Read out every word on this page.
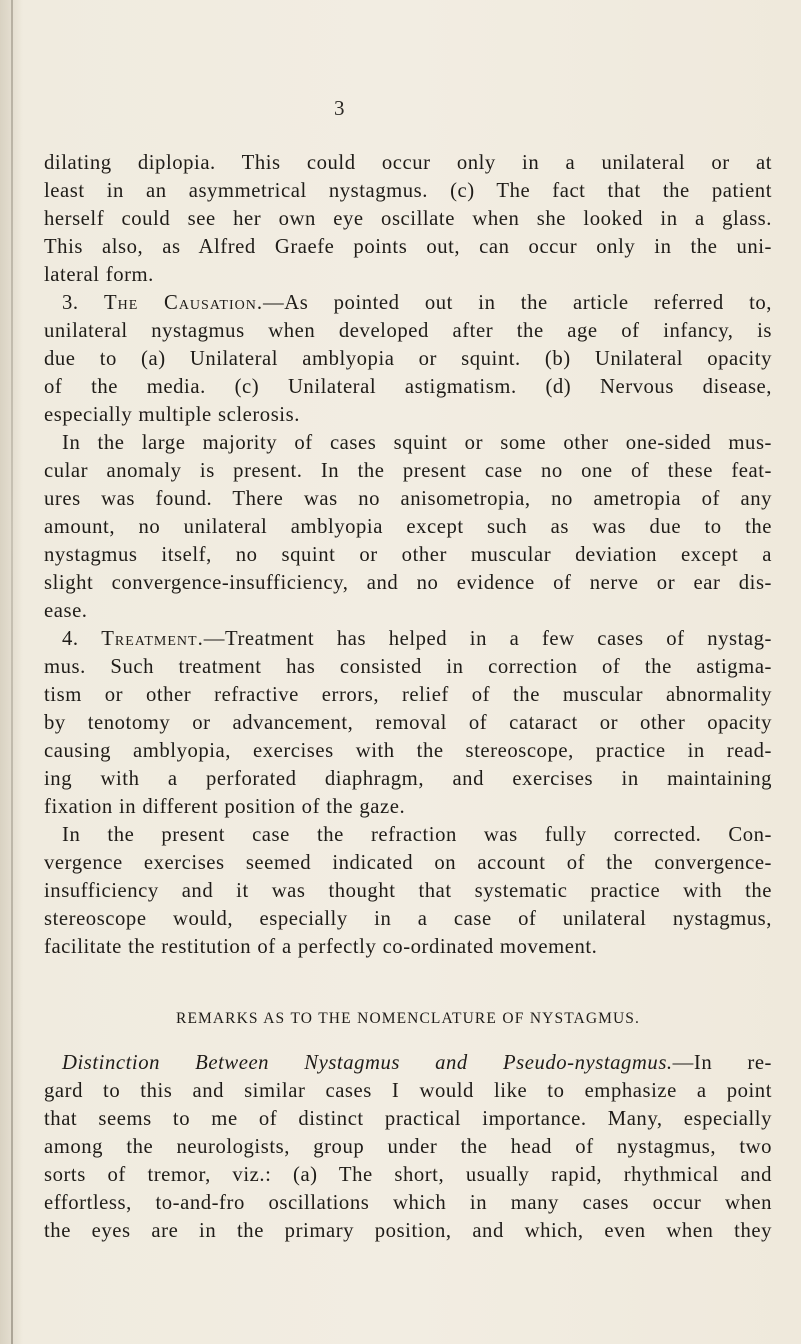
3
dilating diplopia. This could occur only in a unilateral or at
least in an asymmetrical nystagmus. (c) The fact that the patient
herself could see her own eye oscillate when she looked in a glass.
This also, as Alfred Graefe points out, can occur only in the uni-
lateral form.
3. The Causation.—As pointed out in the article referred to,
unilateral nystagmus when developed after the age of infancy, is
due to (a) Unilateral amblyopia or squint. (b) Unilateral opacity
of the media. (c) Unilateral astigmatism. (d) Nervous disease,
especially multiple sclerosis.
In the large majority of cases squint or some other one-sided mus-
cular anomaly is present. In the present case no one of these feat-
ures was found. There was no anisometropia, no ametropia of any
amount, no unilateral amblyopia except such as was due to the
nystagmus itself, no squint or other muscular deviation except a
slight convergence-insufficiency, and no evidence of nerve or ear dis-
ease.
4. Treatment.—Treatment has helped in a few cases of nystag-
mus. Such treatment has consisted in correction of the astigma-
tism or other refractive errors, relief of the muscular abnormality
by tenotomy or advancement, removal of cataract or other opacity
causing amblyopia, exercises with the stereoscope, practice in read-
ing with a perforated diaphragm, and exercises in maintaining
fixation in different position of the gaze.
In the present case the refraction was fully corrected. Con-
vergence exercises seemed indicated on account of the convergence-
insufficiency and it was thought that systematic practice with the
stereoscope would, especially in a case of unilateral nystagmus,
facilitate the restitution of a perfectly co-ordinated movement.
REMARKS AS TO THE NOMENCLATURE OF NYSTAGMUS.
Distinction Between Nystagmus and Pseudo-nystagmus.—In re-
gard to this and similar cases I would like to emphasize a point
that seems to me of distinct practical importance. Many, especially
among the neurologists, group under the head of nystagmus, two
sorts of tremor, viz.: (a) The short, usually rapid, rhythmical and
effortless, to-and-fro oscillations which in many cases occur when
the eyes are in the primary position, and which, even when they
